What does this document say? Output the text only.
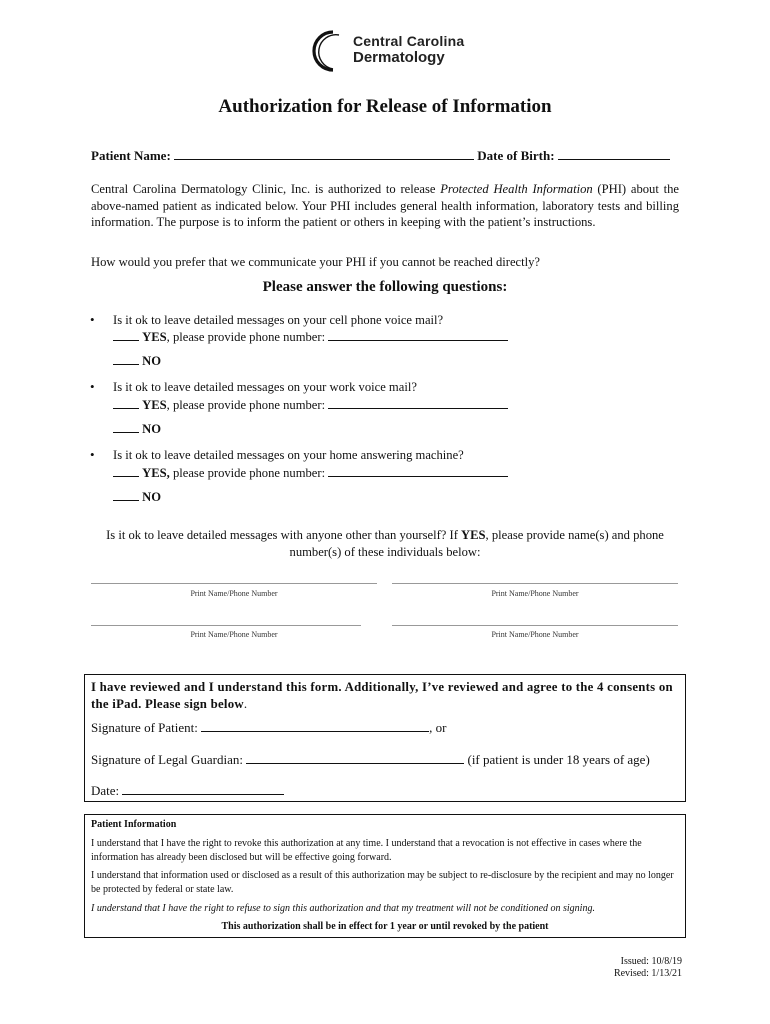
Central Carolina
Dermatology
Authorization for Release of Information
Patient Name:	Date of Birth:
Central Carolina Dermatology Clinic, Inc. is authorized to release Protected Health Information (PHI) about the above-named patient as indicated below. Your PHI includes general health information, laboratory tests and billing information. The purpose is to inform the patient or others in keeping with the patient’s instructions.
How would you prefer that we communicate your PHI if you cannot be reached directly?
Please answer the following questions:
• Is it ok to leave detailed messages on your cell phone voice mail?
YES, please provide phone number:
NO
• Is it ok to leave detailed messages on your work voice mail?
YES, please provide phone number:
NO
• Is it ok to leave detailed messages on your home answering machine?
YES, please provide phone number:
NO
Is it ok to leave detailed messages with anyone other than yourself? If YES, please provide name(s) and phone number(s) of these individuals below:
Print Name/Phone Number	Print Name/Phone Number
Print Name/Phone Number	Print Name/Phone Number
I have reviewed and I understand this form. Additionally, I’ve reviewed and agree to the 4 consents on the iPad. Please sign below.
Signature of Patient:	, or
Signature of Legal Guardian:	(if patient is under 18 years of age)
Date:
Patient Information
I understand that I have the right to revoke this authorization at any time. I understand that a revocation is not effective in cases where the information has already been disclosed but will be effective going forward.
I understand that information used or disclosed as a result of this authorization may be subject to re-disclosure by the recipient and may no longer be protected by federal or state law.
I understand that I have the right to refuse to sign this authorization and that my treatment will not be conditioned on signing.
This authorization shall be in effect for 1 year or until revoked by the patient
Issued: 10/8/19
Revised: 1/13/21
